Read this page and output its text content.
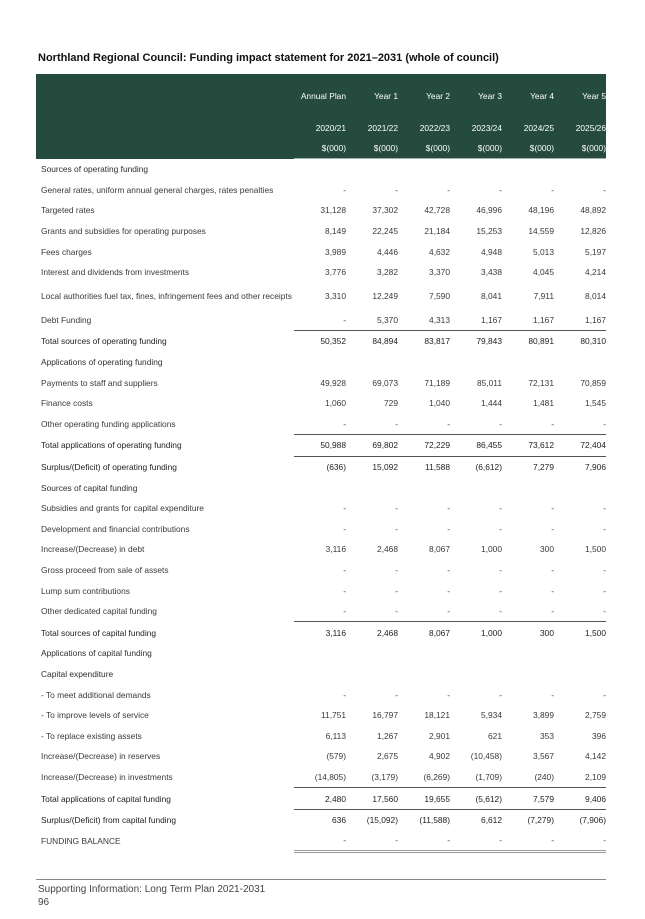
Northland Regional Council: Funding impact statement for 2021–2031 (whole of council)
	Annual Plan	Year 1	Year 2	Year 3	Year 4	Year 5
	2020/21	2021/22	2022/23	2023/24	2024/25	2025/26
	$(000)	$(000)	$(000)	$(000)	$(000)	$(000)
Sources of operating funding						
General rates, uniform annual general charges, rates penalties	-	-	-	-	-	-
Targeted rates	31,128	37,302	42,728	46,996	48,196	48,892
Grants and subsidies for operating purposes	8,149	22,245	21,184	15,253	14,559	12,826
Fees charges	3,989	4,446	4,632	4,948	5,013	5,197
Interest and dividends from investments	3,776	3,282	3,370	3,438	4,045	4,214
Local authorities fuel tax, fines, infringement fees and other receipts	3,310	12,249	7,590	8,041	7,911	8,014
Debt Funding	-	5,370	4,313	1,167	1,167	1,167
Total sources of operating funding	50,352	84,894	83,817	79,843	80,891	80,310
Applications of operating funding						
Payments to staff and suppliers	49,928	69,073	71,189	85,011	72,131	70,859
Finance costs	1,060	729	1,040	1,444	1,481	1,545
Other operating funding applications	-	-	-	-	-	-
Total applications of operating funding	50,988	69,802	72,229	86,455	73,612	72,404
Surplus/(Deficit) of operating funding	(636)	15,092	11,588	(6,612)	7,279	7,906
Sources of capital funding						
Subsidies and grants for capital expenditure	-	-	-	-	-	-
Development and financial contributions	-	-	-	-	-	-
Increase/(Decrease) in debt	3,116	2,468	8,067	1,000	300	1,500
Gross proceed from sale of assets	-	-	-	-	-	-
Lump sum contributions	-	-	-	-	-	-
Other dedicated capital funding	-	-	-	-	-	-
Total sources of capital funding	3,116	2,468	8,067	1,000	300	1,500
Applications of capital funding						
Capital expenditure						
- To meet additional demands	-	-	-	-	-	-
- To improve levels of service	11,751	16,797	18,121	5,934	3,899	2,759
- To replace existing assets	6,113	1,267	2,901	621	353	396
Increase/(Decrease) in reserves	(579)	2,675	4,902	(10,458)	3,567	4,142
Increase/(Decrease) in investments	(14,805)	(3,179)	(6,269)	(1,709)	(240)	2,109
Total applications of capital funding	2,480	17,560	19,655	(5,612)	7,579	9,406
Surplus/(Deficit) from capital funding	636	(15,092)	(11,588)	6,612	(7,279)	(7,906)
FUNDING BALANCE	-	-	-	-	-	-
Supporting Information: Long Term Plan 2021-2031
96
